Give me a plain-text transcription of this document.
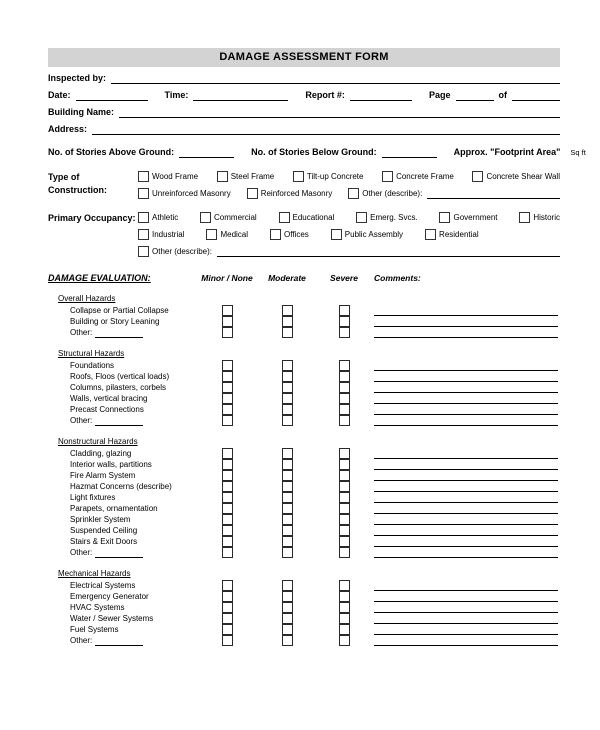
DAMAGE ASSESSMENT FORM
Inspected by:
Date:	Time:	Report #:	Page	of
Building Name:
Address:
No. of Stories Above Ground:	No. of Stories Below Ground:	Approx. "Footprint Area" Sq ft
Type of Construction:
Wood Frame	Steel Frame	Tilt-up Concrete	Concrete Frame	Concrete Shear Wall
Unreinforced Masonry	Reinforced Masonry	Other (describe):
Primary Occupancy:	Athletic	Commercial	Educational	Emerg. Svcs.	Government	Historic
Industrial	Medical	Offices	Public Assembly	Residential
Other (describe):
DAMAGE EVALUATION:	Minor / None	Moderate	Severe	Comments:
Overall Hazards
Collapse or Partial Collapse
Building or Story Leaning
Other:
Structural Hazards
Foundations
Roofs, Floos (vertical loads)
Columns, pilasters, corbels
Walls, vertical bracing
Precast Connections
Other:
Nonstructural Hazards
Cladding, glazing
Interior walls, partitions
Fire Alarm System
Hazmat Concerns (describe)
Light fixtures
Parapets, ornamentation
Sprinkler System
Suspended Ceiling
Stairs & Exit Doors
Other:
Mechanical Hazards
Electrical Systems
Emergency Generator
HVAC Systems
Water / Sewer Systems
Fuel Systems
Other:
